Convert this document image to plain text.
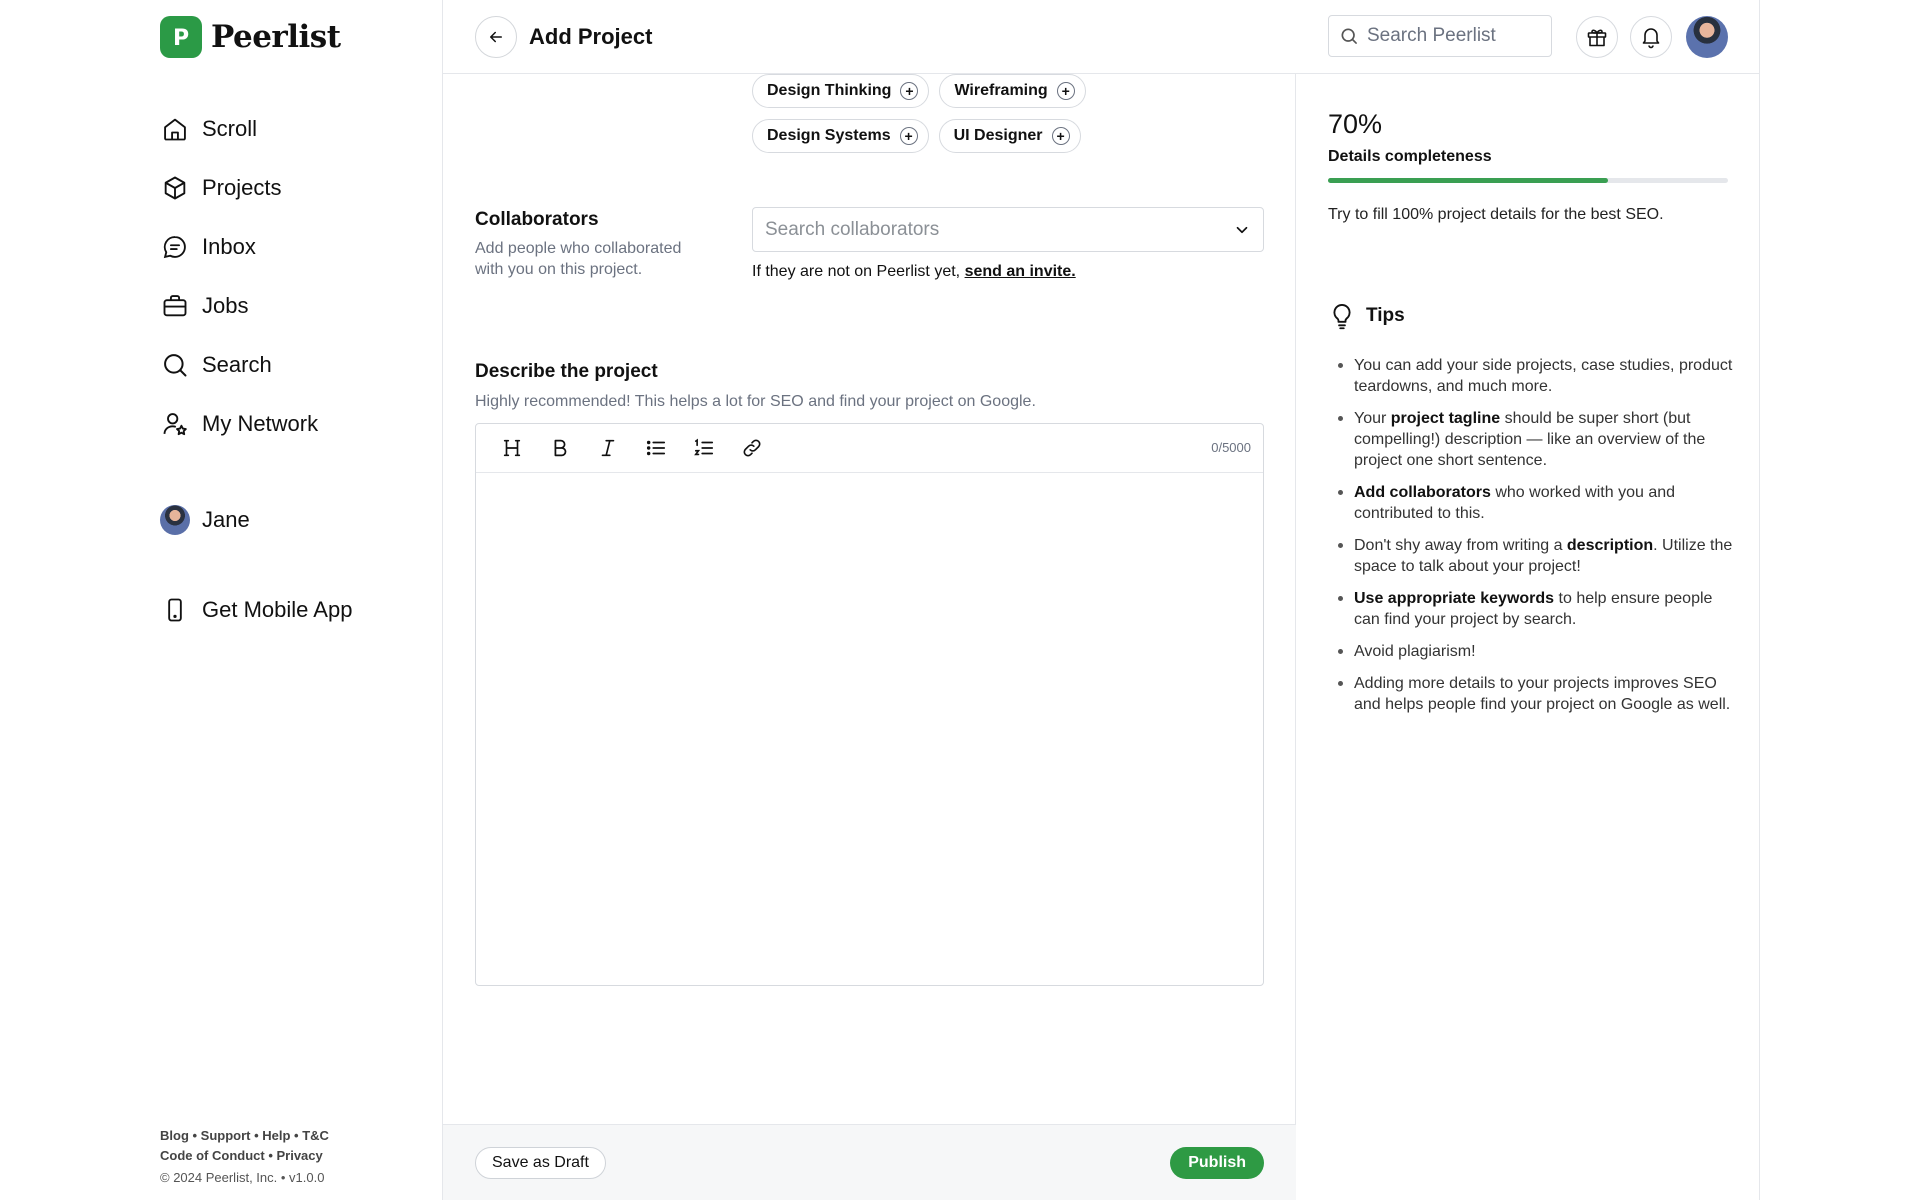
P Peerlist
Scroll
Projects
Inbox
Jobs
Search
My Network
Jane
Get Mobile App
Blog • Support • Help • T&C
Code of Conduct • Privacy
© 2024 Peerlist, Inc. • v1.0.0
Add Project
Design Thinking +	Wireframing +
Design Systems +	UI Designer +
Collaborators
Add people who collaborated
with you on this project.
Search collaborators	If they are not on Peerlist yet, send an invite.
Describe the project
Highly recommended! This helps a lot for SEO and find your project on Google.
0/5000
Save as Draft	Publish
Search Peerlist
70%
Details completeness
Try to fill 100% project details for the best SEO.
Tips
You can add your side projects, case studies, product teardowns, and much more.
Your project tagline should be super short (but compelling!) description — like an overview of the project one short sentence.
Add collaborators who worked with you and contributed to this.
Don't shy away from writing a description. Utilize the space to talk about your project!
Use appropriate keywords to help ensure people can find your project by search.
Avoid plagiarism!
Adding more details to your projects improves SEO and helps people find your project on Google as well.
